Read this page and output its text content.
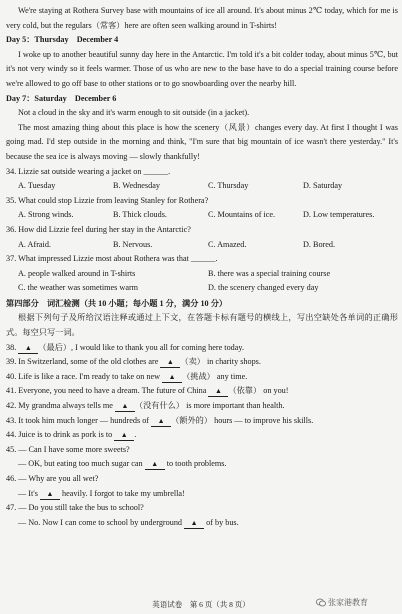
We're staying at Rothera Survey base with mountains of ice all around. It's about minus 2℃ today, which for me is very cold, but the regulars（常客）here are often seen walking around in T-shirts!

Day 5：Thursday　December 4

I woke up to another beautiful sunny day here in the Antarctic. I'm told it's a bit colder today, about minus 5℃, but it's not very windy so it feels warmer. Those of us who are new to the base have to do a special training course before we're allowed to go off base to other stations or to go snowboarding over the nearby hill.

Day 7：Saturday　December 6

Not a cloud in the sky and it's warm enough to sit outside (in a jacket).

The most amazing thing about this place is how the scenery（风景）changes every day. At first I thought I was going mad. I'd step outside in the morning and think, "I'm sure that big mountain of ice wasn't there yesterday." It's because the sea ice is always moving — slowly thankfully!

34. Lizzie sat outside wearing a jacket on ______.

A. Tuesday	B. Wednesday	C. Thursday	D. Saturday

35. What could stop Lizzie from leaving Stanley for Rothera?

A. Strong winds.	B. Thick clouds.	C. Mountains of ice.	D. Low temperatures.

36. How did Lizzie feel during her stay in the Antarctic?

A. Afraid.	B. Nervous.	C. Amazed.	D. Bored.

37. What impressed Lizzie most about Rothera was that ______.

A. people walked around in T-shirts	B. there was a special training course
C. the weather was sometimes warm	D. the scenery changed every day

第四部分　词汇检测（共 10 小题；每小题 1 分，满分 10 分）

根据下列句子及所给汉语注释或通过上下文，在答题卡标有题号的横线上，写出空缺处各单词的正确形式。每空只写一词。

38. ▲ （最后）, I would like to thank you all for coming here today.

39. In Switzerland, some of the old clothes are ▲ （卖） in charity shops.

40. Life is like a race. I'm ready to take on new ▲ （挑战） any time.

41. Everyone, you need to have a dream. The future of China ▲ （依靠） on you!

42. My grandma always tells me ▲ （没有什么） is more important than health.

43. It took him much longer — hundreds of ▲ （额外的） hours — to improve his skills.

44. Juice is to drink as pork is to ▲ .

45. — Can I have some more sweets?

— OK, but eating too much sugar can ▲ to tooth problems.

46. — Why are you all wet?

— It's ▲ heavily. I forgot to take my umbrella!

47. — Do you still take the bus to school?

— No. Now I can come to school by underground ▲ of by bus.

英语试卷　第 6 页（共 8 页）	张家港教育
